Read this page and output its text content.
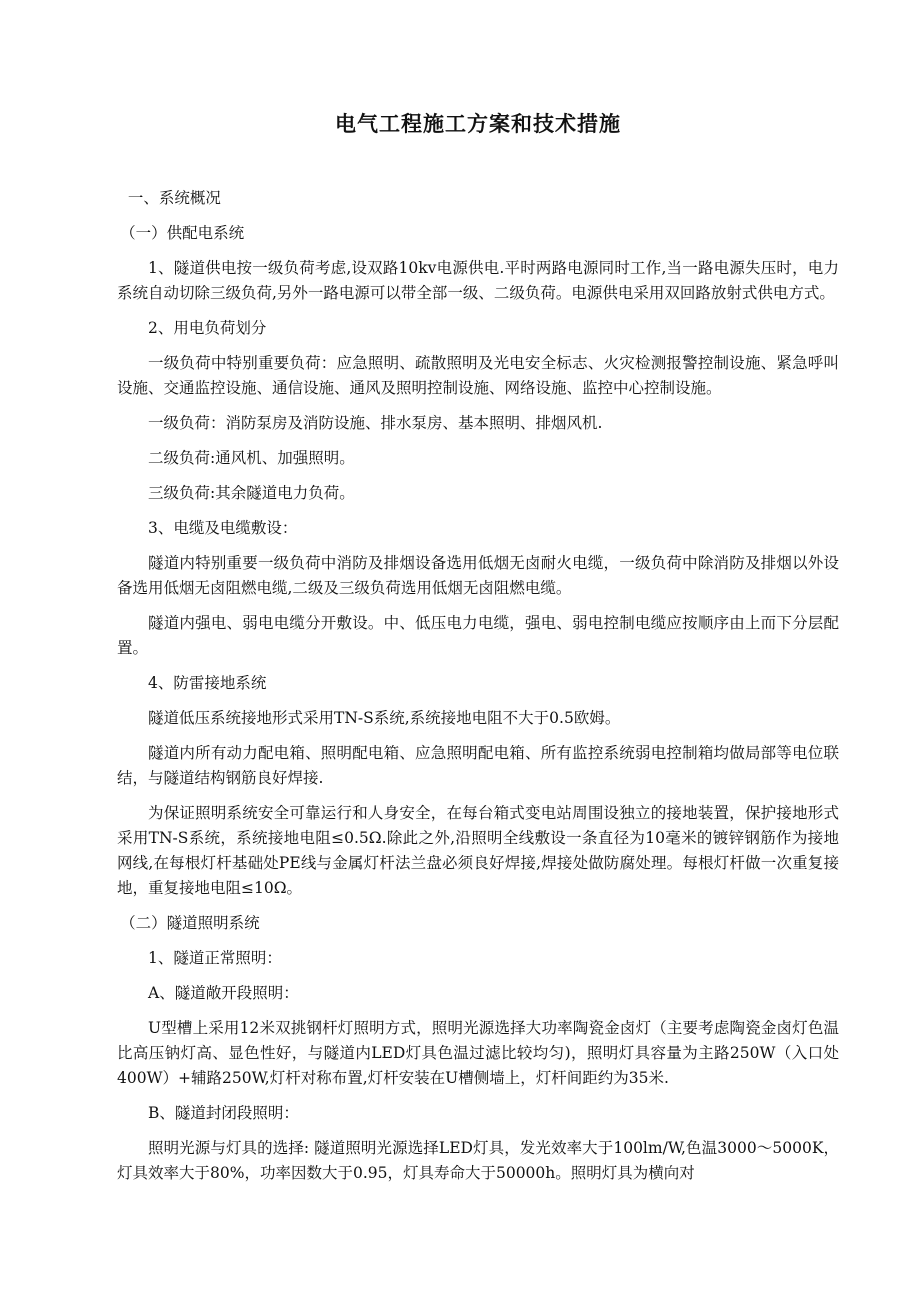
电气工程施工方案和技术措施

一、系统概况

（一）供配电系统

1、隧道供电按一级负荷考虑,设双路10kv电源供电.平时两路电源同时工作,当一路电源失压时，电力系统自动切除三级负荷,另外一路电源可以带全部一级、二级负荷。电源供电采用双回路放射式供电方式。

2、用电负荷划分

一级负荷中特别重要负荷：应急照明、疏散照明及光电安全标志、火灾检测报警控制设施、紧急呼叫设施、交通监控设施、通信设施、通风及照明控制设施、网络设施、监控中心控制设施。

一级负荷：消防泵房及消防设施、排水泵房、基本照明、排烟风机.

二级负荷:通风机、加强照明。

三级负荷:其余隧道电力负荷。

3、电缆及电缆敷设：

隧道内特别重要一级负荷中消防及排烟设备选用低烟无卤耐火电缆，一级负荷中除消防及排烟以外设备选用低烟无卤阻燃电缆,二级及三级负荷选用低烟无卤阻燃电缆。

隧道内强电、弱电电缆分开敷设。中、低压电力电缆，强电、弱电控制电缆应按顺序由上而下分层配置。

4、防雷接地系统

隧道低压系统接地形式采用TN-S系统,系统接地电阻不大于0.5欧姆。

隧道内所有动力配电箱、照明配电箱、应急照明配电箱、所有监控系统弱电控制箱均做局部等电位联结，与隧道结构钢筋良好焊接.

为保证照明系统安全可靠运行和人身安全，在每台箱式变电站周围设独立的接地装置，保护接地形式采用TN-S系统，系统接地电阻≤0.5Ω.除此之外,沿照明全线敷设一条直径为10毫米的镀锌钢筋作为接地网线,在每根灯杆基础处PE线与金属灯杆法兰盘必须良好焊接,焊接处做防腐处理。每根灯杆做一次重复接地，重复接地电阻≤10Ω。

（二）隧道照明系统

1、隧道正常照明：

A、隧道敞开段照明：

U型槽上采用12米双挑钢杆灯照明方式，照明光源选择大功率陶瓷金卤灯（主要考虑陶瓷金卤灯色温比高压钠灯高、显色性好，与隧道内LED灯具色温过滤比较均匀)，照明灯具容量为主路250W（入口处400W）+辅路250W,灯杆对称布置,灯杆安装在U槽侧墙上，灯杆间距约为35米.

B、隧道封闭段照明：

照明光源与灯具的选择: 隧道照明光源选择LED灯具，发光效率大于100lm/W,色温3000～5000K，灯具效率大于80%，功率因数大于0.95，灯具寿命大于50000h。照明灯具为横向对
